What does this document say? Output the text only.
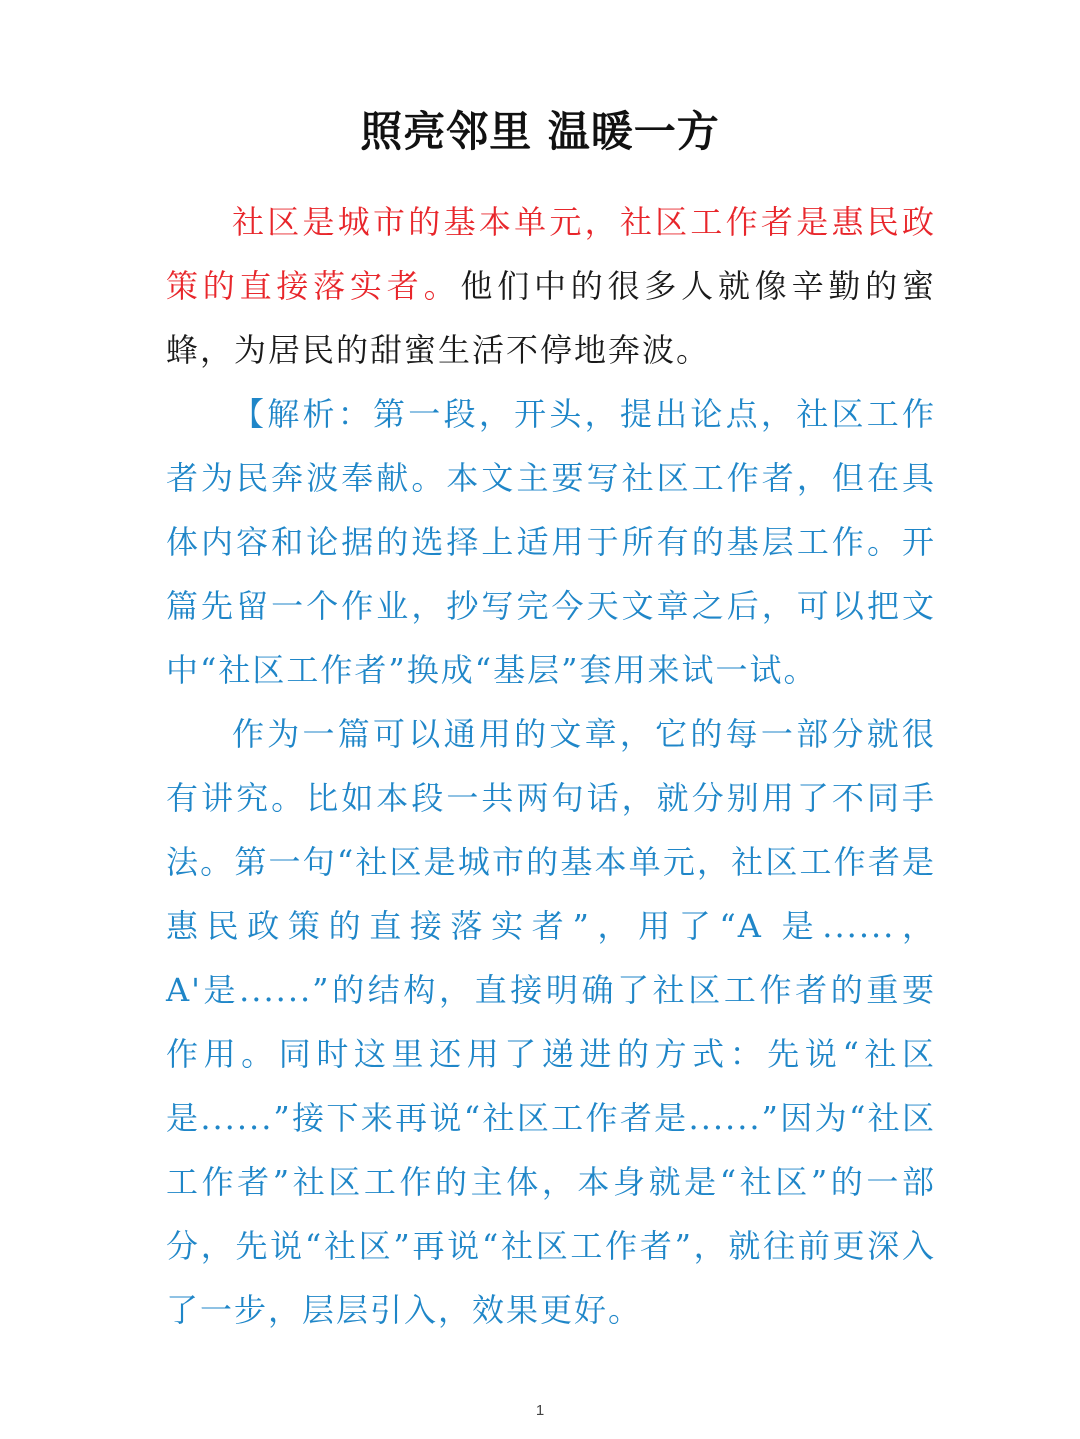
照亮邻里 温暖一方

社区是城市的基本单元，社区工作者是惠民政策的直接落实者。他们中的很多人就像辛勤的蜜蜂，为居民的甜蜜生活不停地奔波。

【解析：第一段，开头，提出论点，社区工作者为民奔波奉献。本文主要写社区工作者，但在具体内容和论据的选择上适用于所有的基层工作。开篇先留一个作业，抄写完今天文章之后，可以把文中“社区工作者”换成“基层”套用来试一试。

作为一篇可以通用的文章，它的每一部分就很有讲究。比如本段一共两句话，就分别用了不同手法。第一句“社区是城市的基本单元，社区工作者是惠民政策的直接落实者”，用了“A 是......，A'是......”的结构，直接明确了社区工作者的重要作用。同时这里还用了递进的方式：先说“社区是......”接下来再说“社区工作者是......”因为“社区工作者”社区工作的主体，本身就是“社区”的一部分，先说“社区”再说“社区工作者”，就往前更深入了一步，层层引入，效果更好。

1
